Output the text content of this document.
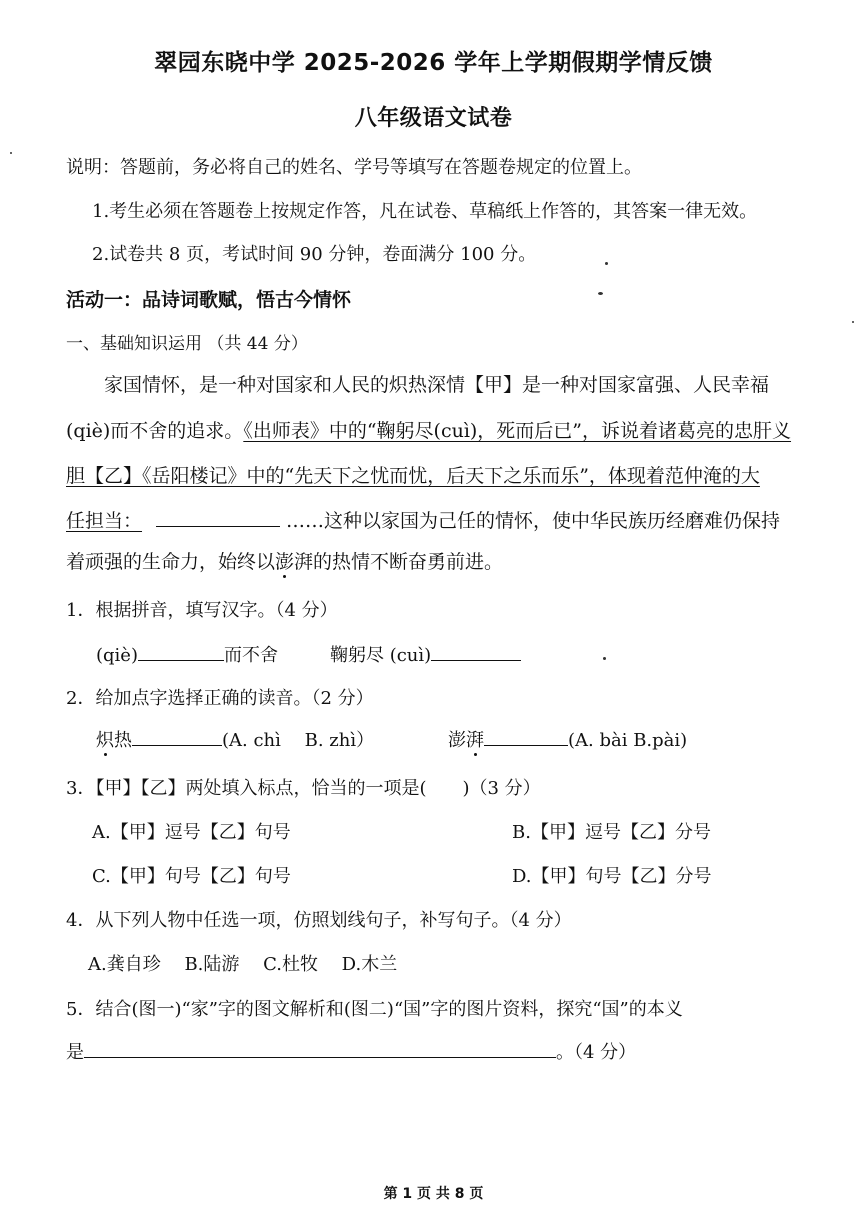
翠园东晓中学 2025-2026 学年上学期假期学情反馈
八年级语文试卷
说明：答题前，务必将自己的姓名、学号等填写在答题卷规定的位置上。
1.考生必须在答题卷上按规定作答，凡在试卷、草稿纸上作答的，其答案一律无效。
2.试卷共 8 页，考试时间 90 分钟，卷面满分 100 分。
活动一：品诗词歌赋，悟古今情怀
一、基础知识运用 （共 44 分）
家国情怀，是一种对国家和人民的炽热深情【甲】是一种对国家富强、人民幸福
(qiè)而不舍的追求。《出师表》中的“鞠躬尽(cuì)，死而后已”，诉说着诸葛亮的忠肝义
胆【乙】《岳阳楼记》中的“先天下之忧而忧，后天下之乐而乐”，体现着范仲淹的大
任担当：	……这种以家国为己任的情怀，使中华民族历经磨难仍保持
着顽强的生命力，始终以澎湃的热情不断奋勇前进。
1．根据拼音，填写汉字。（4 分）
(qiè)	而不舍	鞠躬尽 (cuì)
2．给加点字选择正确的读音。（2 分）
炽热	(A. chì　 B. zhì）	澎湃	(A. bài B.pài)
3．【甲】【乙】两处填入标点，恰当的一项是(　　)（3 分）
A.【甲】逗号【乙】句号	B.【甲】逗号【乙】分号
C.【甲】句号【乙】句号	D.【甲】句号【乙】分号
4．从下列人物中任选一项，仿照划线句子，补写句子。（4 分）
A.龚自珍　 B.陆游　 C.杜牧　 D.木兰
5．结合(图一)“家”字的图文解析和(图二)“国”字的图片资料，探究“国”的本义
是	。（4 分）
第 1 页 共 8 页
